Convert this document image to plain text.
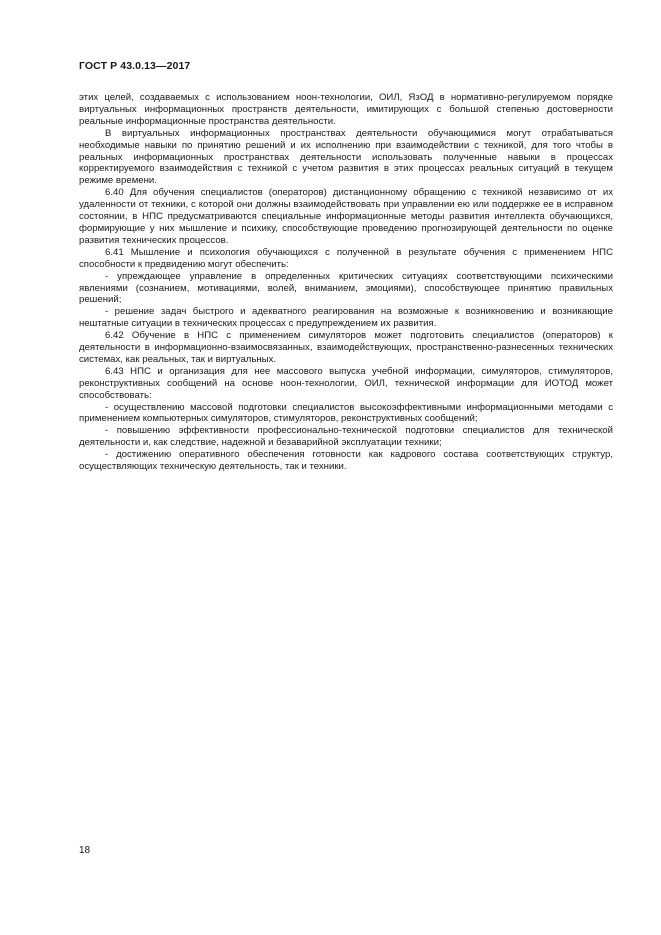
ГОСТ Р 43.0.13—2017

этих целей, создаваемых с использованием ноон-технологии, ОИЛ, ЯзОД в нормативно-регулируемом порядке виртуальных информационных пространств деятельности, имитирующих с большой степенью достоверности реальные информационные пространства деятельности.

В виртуальных информационных пространствах деятельности обучающимися могут отрабатываться необходимые навыки по принятию решений и их исполнению при взаимодействии с техникой, для того чтобы в реальных информационных пространствах деятельности использовать полученные навыки в процессах корректируемого взаимодействия с техникой с учетом развития в этих процессах реальных ситуаций в текущем режиме времени.

6.40 Для обучения специалистов (операторов) дистанционному обращению с техникой независимо от их удаленности от техники, с которой они должны взаимодействовать при управлении ею или поддержке ее в исправном состоянии, в НПС предусматриваются специальные информационные методы развития интеллекта обучающихся, формирующие у них мышление и психику, способствующие проведению прогнозирующей деятельности по оценке развития технических процессов.

6.41 Мышление и психология обучающихся с полученной в результате обучения с применением НПС способности к предвидению могут обеспечить:

- упреждающее управление в определенных критических ситуациях соответствующими психическими явлениями (сознанием, мотивациями, волей, вниманием, эмоциями), способствующее принятию правильных решений;

- решение задач быстрого и адекватного реагирования на возможные к возникновению и возникающие нештатные ситуации в технических процессах с предупреждением их развития.

6.42 Обучение в НПС с применением симуляторов может подготовить специалистов (операторов) к деятельности в информационно-взаимосвязанных, взаимодействующих, пространственно-разнесенных технических системах, как реальных, так и виртуальных.

6.43 НПС и организация для нее массового выпуска учебной информации, симуляторов, стимуляторов, реконструктивных сообщений на основе ноон-технологии, ОИЛ, технической информации для ИОТОД может способствовать:

- осуществлению массовой подготовки специалистов высокоэффективными информационными методами с применением компьютерных симуляторов, стимуляторов, реконструктивных сообщений;

- повышению эффективности профессионально-технической подготовки специалистов для технической деятельности и, как следствие, надежной и безаварийной эксплуатации техники;

- достижению оперативного обеспечения готовности как кадрового состава соответствующих структур, осуществляющих техническую деятельность, так и техники.

18
